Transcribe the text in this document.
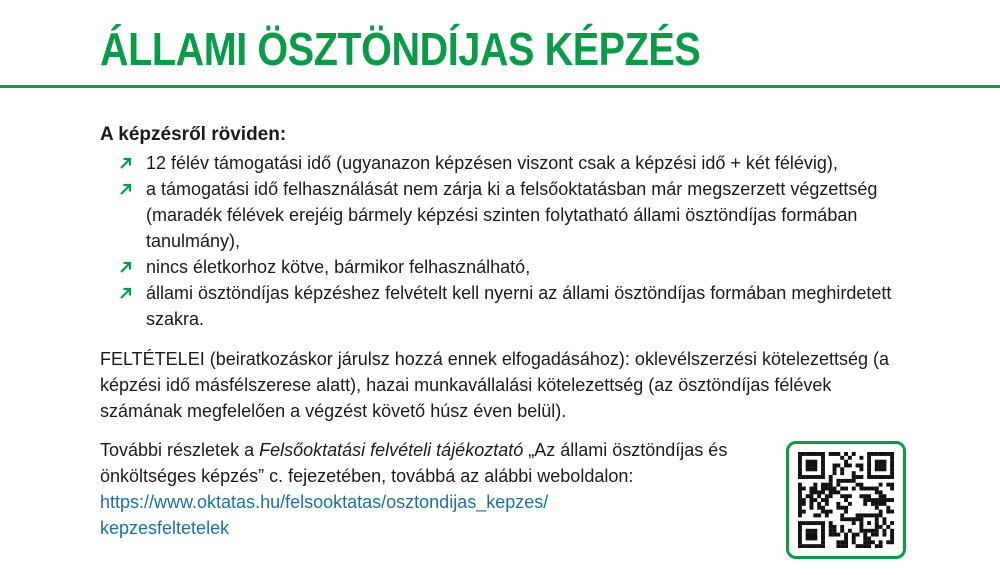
ÁLLAMI ÖSZTÖNDÍJAS KÉPZÉS
A képzésről röviden:
12 félév támogatási idő (ugyanazon képzésen viszont csak a képzési idő + két félévig),
a támogatási idő felhasználását nem zárja ki a felsőoktatásban már megszerzett végzettség (maradék félévek erejéig bármely képzési szinten folytatható állami ösztöndíjas formában tanulmány),
nincs életkorhoz kötve, bármikor felhasználható,
állami ösztöndíjas képzéshez felvételt kell nyerni az állami ösztöndíjas formában meghirdetett szakra.
FELTÉTELEI (beiratkozáskor járulsz hozzá ennek elfogadásához): oklevélszerzési kötelezettség (a képzési idő másfélszerese alatt), hazai munkavállalási kötelezettség (az ösztöndíjas félévek számának megfelelően a végzést követő húsz éven belül).
További részletek a Felsőoktatási felvételi tájékoztató „Az állami ösztöndíjas és önköltséges képzés” c. fejezetében, továbbá az alábbi weboldalon:
https://www.oktatas.hu/felsooktatas/osztondijas_kepzes/
kepzesfeltetelek
